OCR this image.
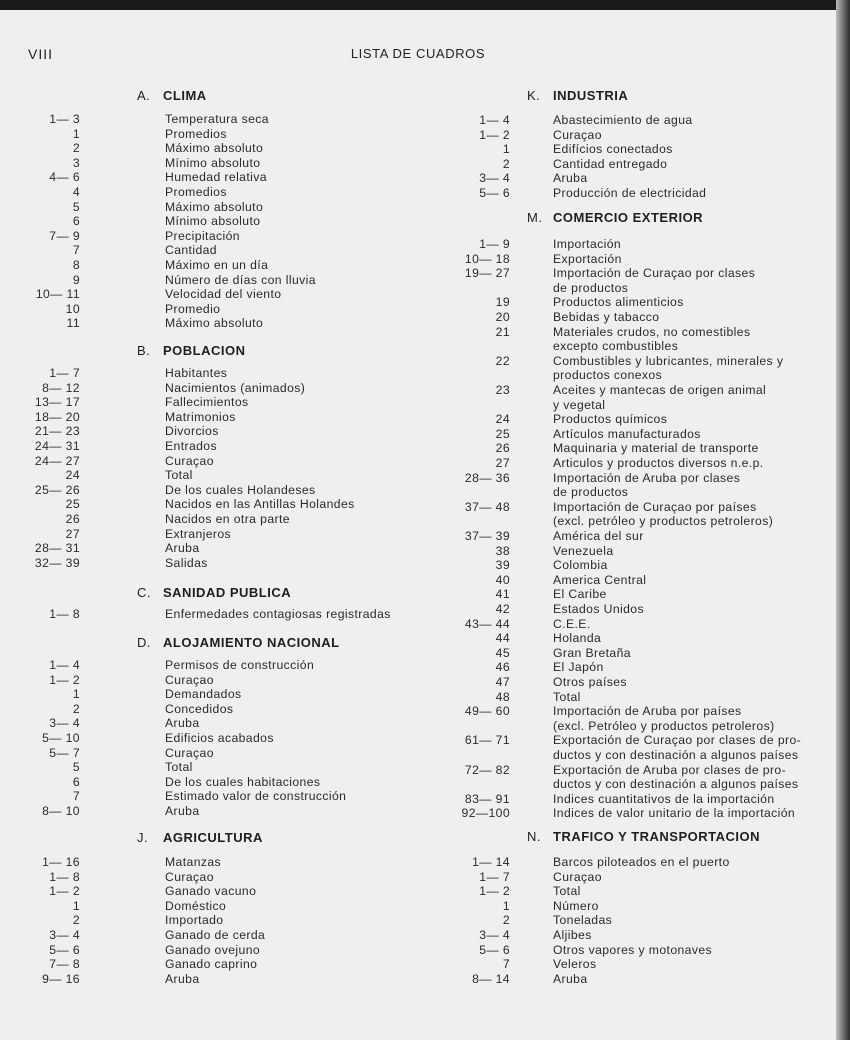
VIII	LISTA DE CUADROS
A. CLIMA
1— 3	Temperatura seca
1	Promedios
2	Máximo absoluto
3	Mínimo absoluto
4— 6	Humedad relativa
4	Promedios
5	Máximo absoluto
6	Mínimo absoluto
7— 9	Precipitación
7	Cantidad
8	Máximo en un día
9	Número de días con lluvia
10— 11	Velocidad del viento
10	Promedio
11	Máximo absoluto
B. POBLACION
1— 7	Habitantes
8— 12	Nacimientos (animados)
13— 17	Fallecimientos
18— 20	Matrimonios
21— 23	Divorcios
24— 31	Entrados
24— 27	Curaçao
24	Total
25— 26	De los cuales Holandeses
25	Nacidos en las Antillas Holandes
26	Nacidos en otra parte
27	Extranjeros
28— 31	Aruba
32— 39	Salidas
C. SANIDAD PUBLICA
1— 8	Enfermedades contagiosas registradas
D. ALOJAMIENTO NACIONAL
1— 4	Permisos de construcción
1— 2	Curaçao
1	Demandados
2	Concedidos
3— 4	Aruba
5— 10	Edificios acabados
5— 7	Curaçao
5	Total
6	De los cuales habitaciones
7	Estimado valor de construcción
8— 10	Aruba
J. AGRICULTURA
1— 16	Matanzas
1— 8	Curaçao
1— 2	Ganado vacuno
1	Doméstico
2	Importado
3— 4	Ganado de cerda
5— 6	Ganado ovejuno
7— 8	Ganado caprino
9— 16	Aruba
K. INDUSTRIA
1— 4	Abastecimiento de agua
1— 2	Curaçao
1	Edifícios conectados
2	Cantidad entregado
3— 4	Aruba
5— 6	Producción de electricidad
M. COMERCIO EXTERIOR
1— 9	Importación
10— 18	Exportación
19— 27	Importación de Curaçao por clases
de productos
19	Productos alimenticios
20	Bebidas y tabacco
21	Materiales crudos, no comestibles
excepto combustibles
22	Combustibles y lubricantes, minerales y
productos conexos
23	Aceites y mantecas de origen animal
y vegetal
24	Productos químicos
25	Artículos manufacturados
26	Maquinaria y material de transporte
27	Articulos y productos diversos n.e.p.
28— 36	Importación de Aruba por clases
de productos
37— 48	Importación de Curaçao por países
(excl. petróleo y productos petroleros)
37— 39	América del sur
38	Venezuela
39	Colombia
40	America Central
41	El Caribe
42	Estados Unidos
43— 44	C.E.E.
44	Holanda
45	Gran Bretaña
46	El Japón
47	Otros países
48	Total
49— 60	Importación de Aruba por países
(excl. Petróleo y productos petroleros)
61— 71	Exportación de Curaçao por clases de pro-
ductos y con destinación a algunos países
72— 82	Exportación de Aruba por clases de pro-
ductos y con destinación a algunos países
83— 91	Indices cuantitativos de la importación
92—100	Indices de valor unitario de la importación
N. TRAFICO Y TRANSPORTACION
1— 14	Barcos piloteados en el puerto
1— 7	Curaçao
1— 2	Total
1	Número
2	Toneladas
3— 4	Aljibes
5— 6	Otros vapores y motonaves
7	Veleros
8— 14	Aruba
